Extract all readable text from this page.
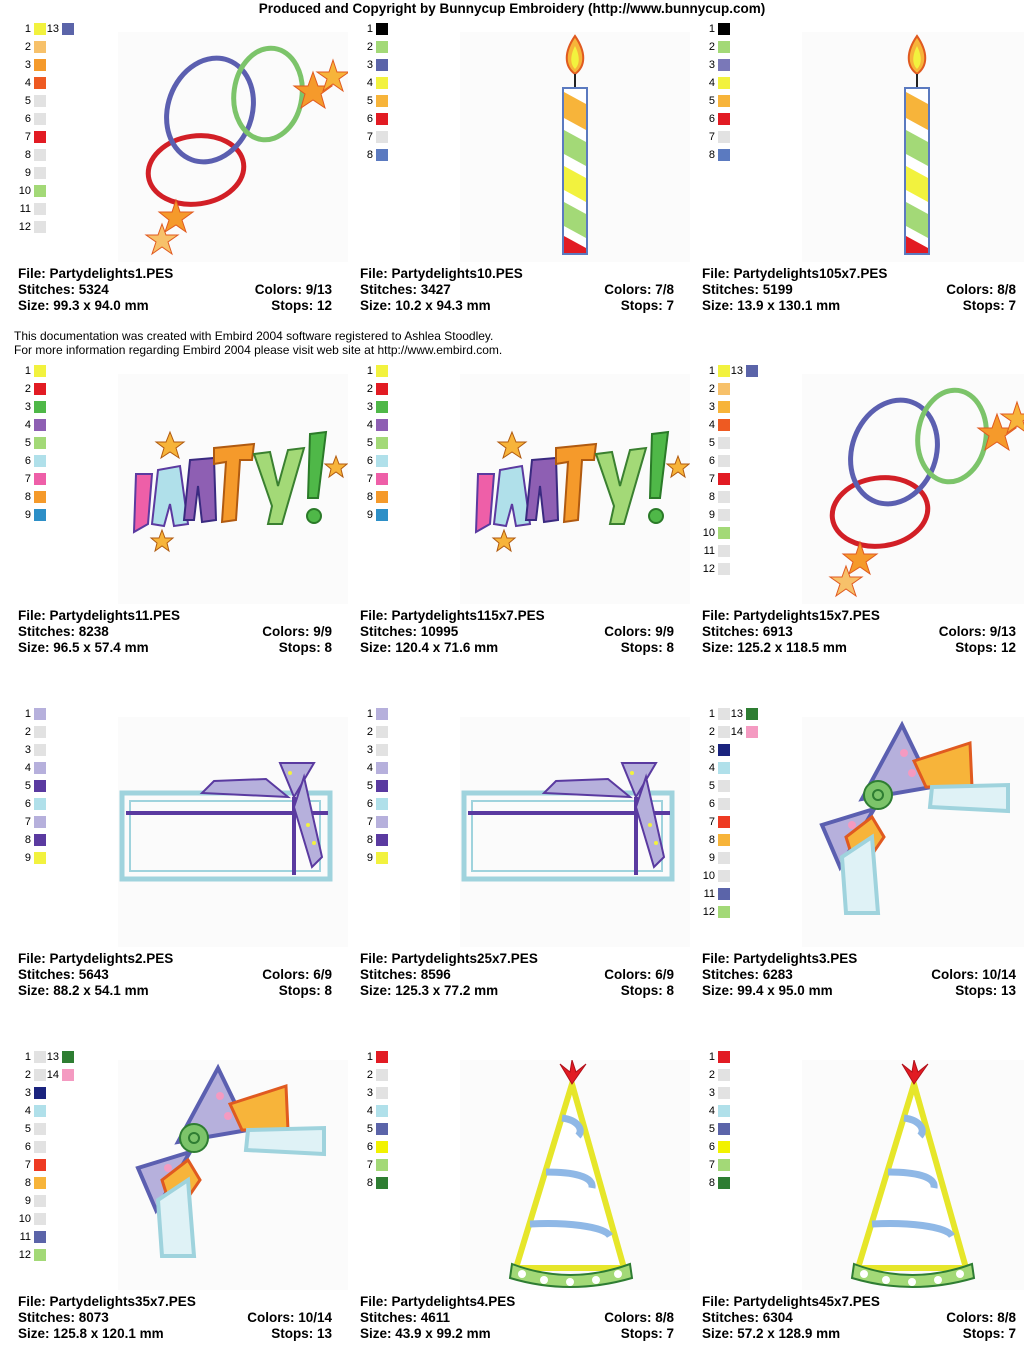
Produced and Copyright by Bunnycup Embroidery (http://www.bunnycup.com)
This documentation was created with Embird 2004 software registered to Ashlea Stoodley.
For more information regarding Embird 2004 please visit web site at http://www.embird.com.
1
2
3
4
5
6
7
8
9
10
11
12
13
File: Partydelights1.PES
Stitches: 5324	Colors: 9/13
Size: 99.3 x 94.0 mm	Stops: 12
1
2
3
4
5
6
7
8
File: Partydelights10.PES
Stitches: 3427	Colors: 7/8
Size: 10.2 x 94.3 mm	Stops: 7
1
2
3
4
5
6
7
8
File: Partydelights105x7.PES
Stitches: 5199	Colors: 8/8
Size: 13.9 x 130.1 mm	Stops: 7
1
2
3
4
5
6
7
8
9
File: Partydelights11.PES
Stitches: 8238	Colors: 9/9
Size: 96.5 x 57.4 mm	Stops: 8
1
2
3
4
5
6
7
8
9
File: Partydelights115x7.PES
Stitches: 10995	Colors: 9/9
Size: 120.4 x 71.6 mm	Stops: 8
1
2
3
4
5
6
7
8
9
10
11
12
13
File: Partydelights15x7.PES
Stitches: 6913	Colors: 9/13
Size: 125.2 x 118.5 mm	Stops: 12
1
2
3
4
5
6
7
8
9
File: Partydelights2.PES
Stitches: 5643	Colors: 6/9
Size: 88.2 x 54.1 mm	Stops: 8
1
2
3
4
5
6
7
8
9
File: Partydelights25x7.PES
Stitches: 8596	Colors: 6/9
Size: 125.3 x 77.2 mm	Stops: 8
1
2
3
4
5
6
7
8
9
10
11
12
13
14
File: Partydelights3.PES
Stitches: 6283	Colors: 10/14
Size: 99.4 x 95.0 mm	Stops: 13
1
2
3
4
5
6
7
8
9
10
11
12
13
14
File: Partydelights35x7.PES
Stitches: 8073	Colors: 10/14
Size: 125.8 x 120.1 mm	Stops: 13
1
2
3
4
5
6
7
8
File: Partydelights4.PES
Stitches: 4611	Colors: 8/8
Size: 43.9 x 99.2 mm	Stops: 7
1
2
3
4
5
6
7
8
File: Partydelights45x7.PES
Stitches: 6304	Colors: 8/8
Size: 57.2 x 128.9 mm	Stops: 7
